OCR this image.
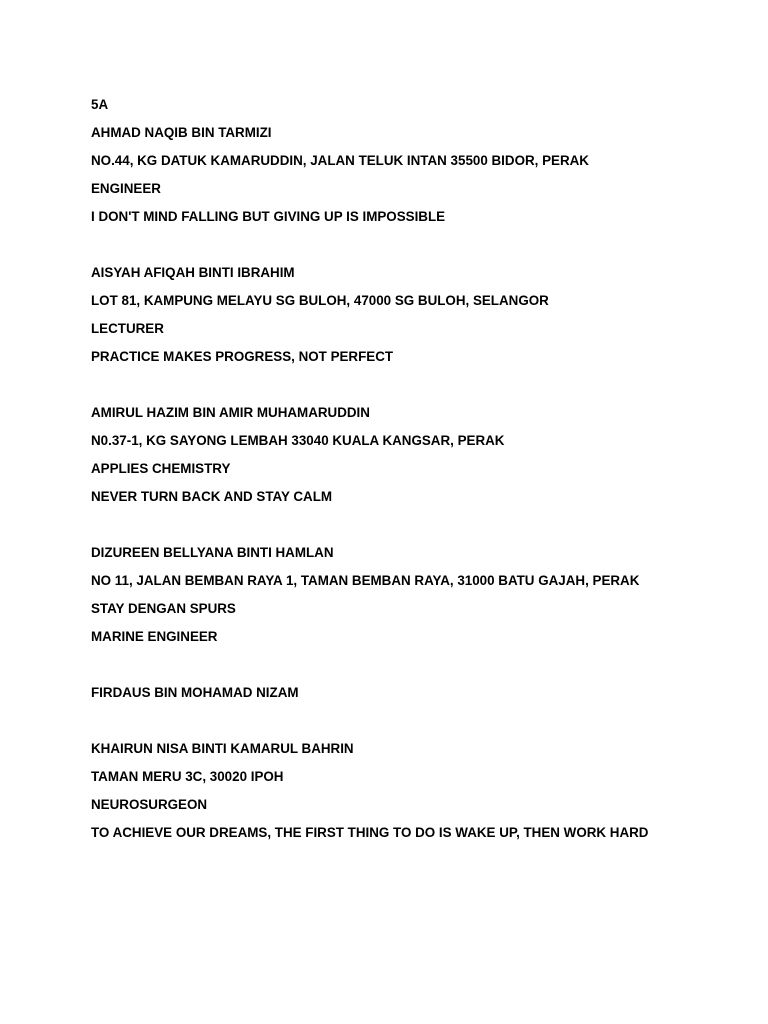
5A
AHMAD NAQIB BIN TARMIZI
NO.44, KG DATUK KAMARUDDIN, JALAN TELUK INTAN 35500 BIDOR, PERAK
ENGINEER
I DON'T MIND FALLING BUT GIVING UP IS IMPOSSIBLE
AISYAH AFIQAH BINTI IBRAHIM
LOT 81, KAMPUNG MELAYU SG BULOH, 47000 SG BULOH, SELANGOR
LECTURER
PRACTICE MAKES PROGRESS, NOT PERFECT
AMIRUL HAZIM BIN AMIR MUHAMARUDDIN
N0.37-1, KG SAYONG LEMBAH 33040 KUALA KANGSAR, PERAK
APPLIES CHEMISTRY
NEVER TURN BACK AND STAY CALM
DIZUREEN BELLYANA BINTI HAMLAN
NO 11, JALAN BEMBAN RAYA 1, TAMAN BEMBAN RAYA, 31000 BATU GAJAH, PERAK
STAY DENGAN SPURS
MARINE ENGINEER
FIRDAUS BIN MOHAMAD NIZAM
KHAIRUN NISA BINTI KAMARUL BAHRIN
TAMAN MERU 3C, 30020 IPOH
NEUROSURGEON
TO ACHIEVE OUR DREAMS, THE FIRST THING TO DO IS WAKE UP, THEN WORK HARD
